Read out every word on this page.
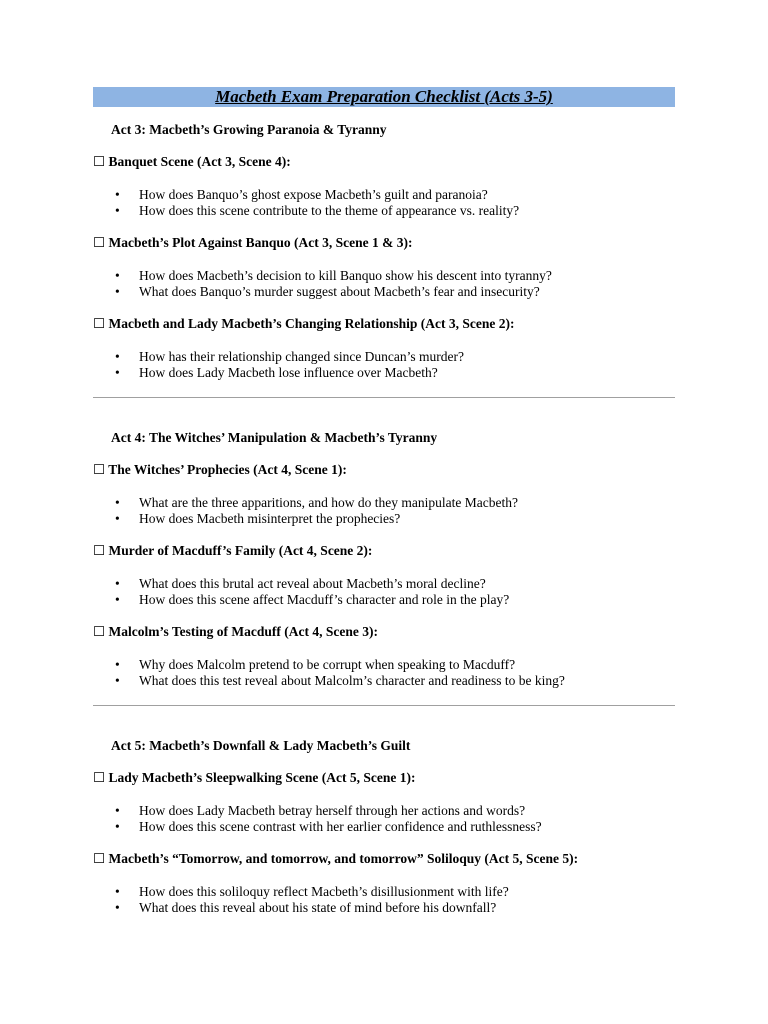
Macbeth Exam Preparation Checklist (Acts 3-5)
Act 3: Macbeth’s Growing Paranoia & Tyranny
☐ Banquet Scene (Act 3, Scene 4):
• How does Banquo’s ghost expose Macbeth’s guilt and paranoia?
• How does this scene contribute to the theme of appearance vs. reality?
☐ Macbeth’s Plot Against Banquo (Act 3, Scene 1 & 3):
• How does Macbeth’s decision to kill Banquo show his descent into tyranny?
• What does Banquo’s murder suggest about Macbeth’s fear and insecurity?
☐ Macbeth and Lady Macbeth’s Changing Relationship (Act 3, Scene 2):
• How has their relationship changed since Duncan’s murder?
• How does Lady Macbeth lose influence over Macbeth?
Act 4: The Witches’ Manipulation & Macbeth’s Tyranny
☐ The Witches’ Prophecies (Act 4, Scene 1):
• What are the three apparitions, and how do they manipulate Macbeth?
• How does Macbeth misinterpret the prophecies?
☐ Murder of Macduff’s Family (Act 4, Scene 2):
• What does this brutal act reveal about Macbeth’s moral decline?
• How does this scene affect Macduff’s character and role in the play?
☐ Malcolm’s Testing of Macduff (Act 4, Scene 3):
• Why does Malcolm pretend to be corrupt when speaking to Macduff?
• What does this test reveal about Malcolm’s character and readiness to be king?
Act 5: Macbeth’s Downfall & Lady Macbeth’s Guilt
☐ Lady Macbeth’s Sleepwalking Scene (Act 5, Scene 1):
• How does Lady Macbeth betray herself through her actions and words?
• How does this scene contrast with her earlier confidence and ruthlessness?
☐ Macbeth’s “Tomorrow, and tomorrow, and tomorrow” Soliloquy (Act 5, Scene 5):
• How does this soliloquy reflect Macbeth’s disillusionment with life?
• What does this reveal about his state of mind before his downfall?
